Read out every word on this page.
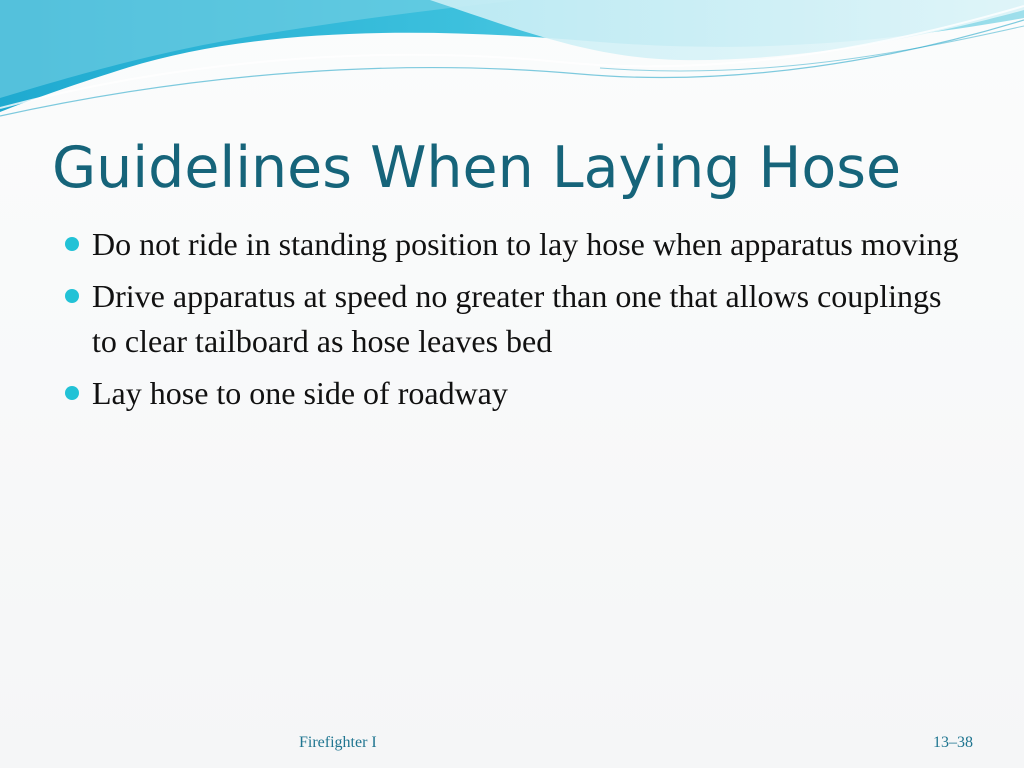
Guidelines When Laying Hose
Do not ride in standing position to lay hose when apparatus moving
Drive apparatus at speed no greater than one that allows couplings to clear tailboard as hose leaves bed
Lay hose to one side of roadway
Firefighter I	13–38
